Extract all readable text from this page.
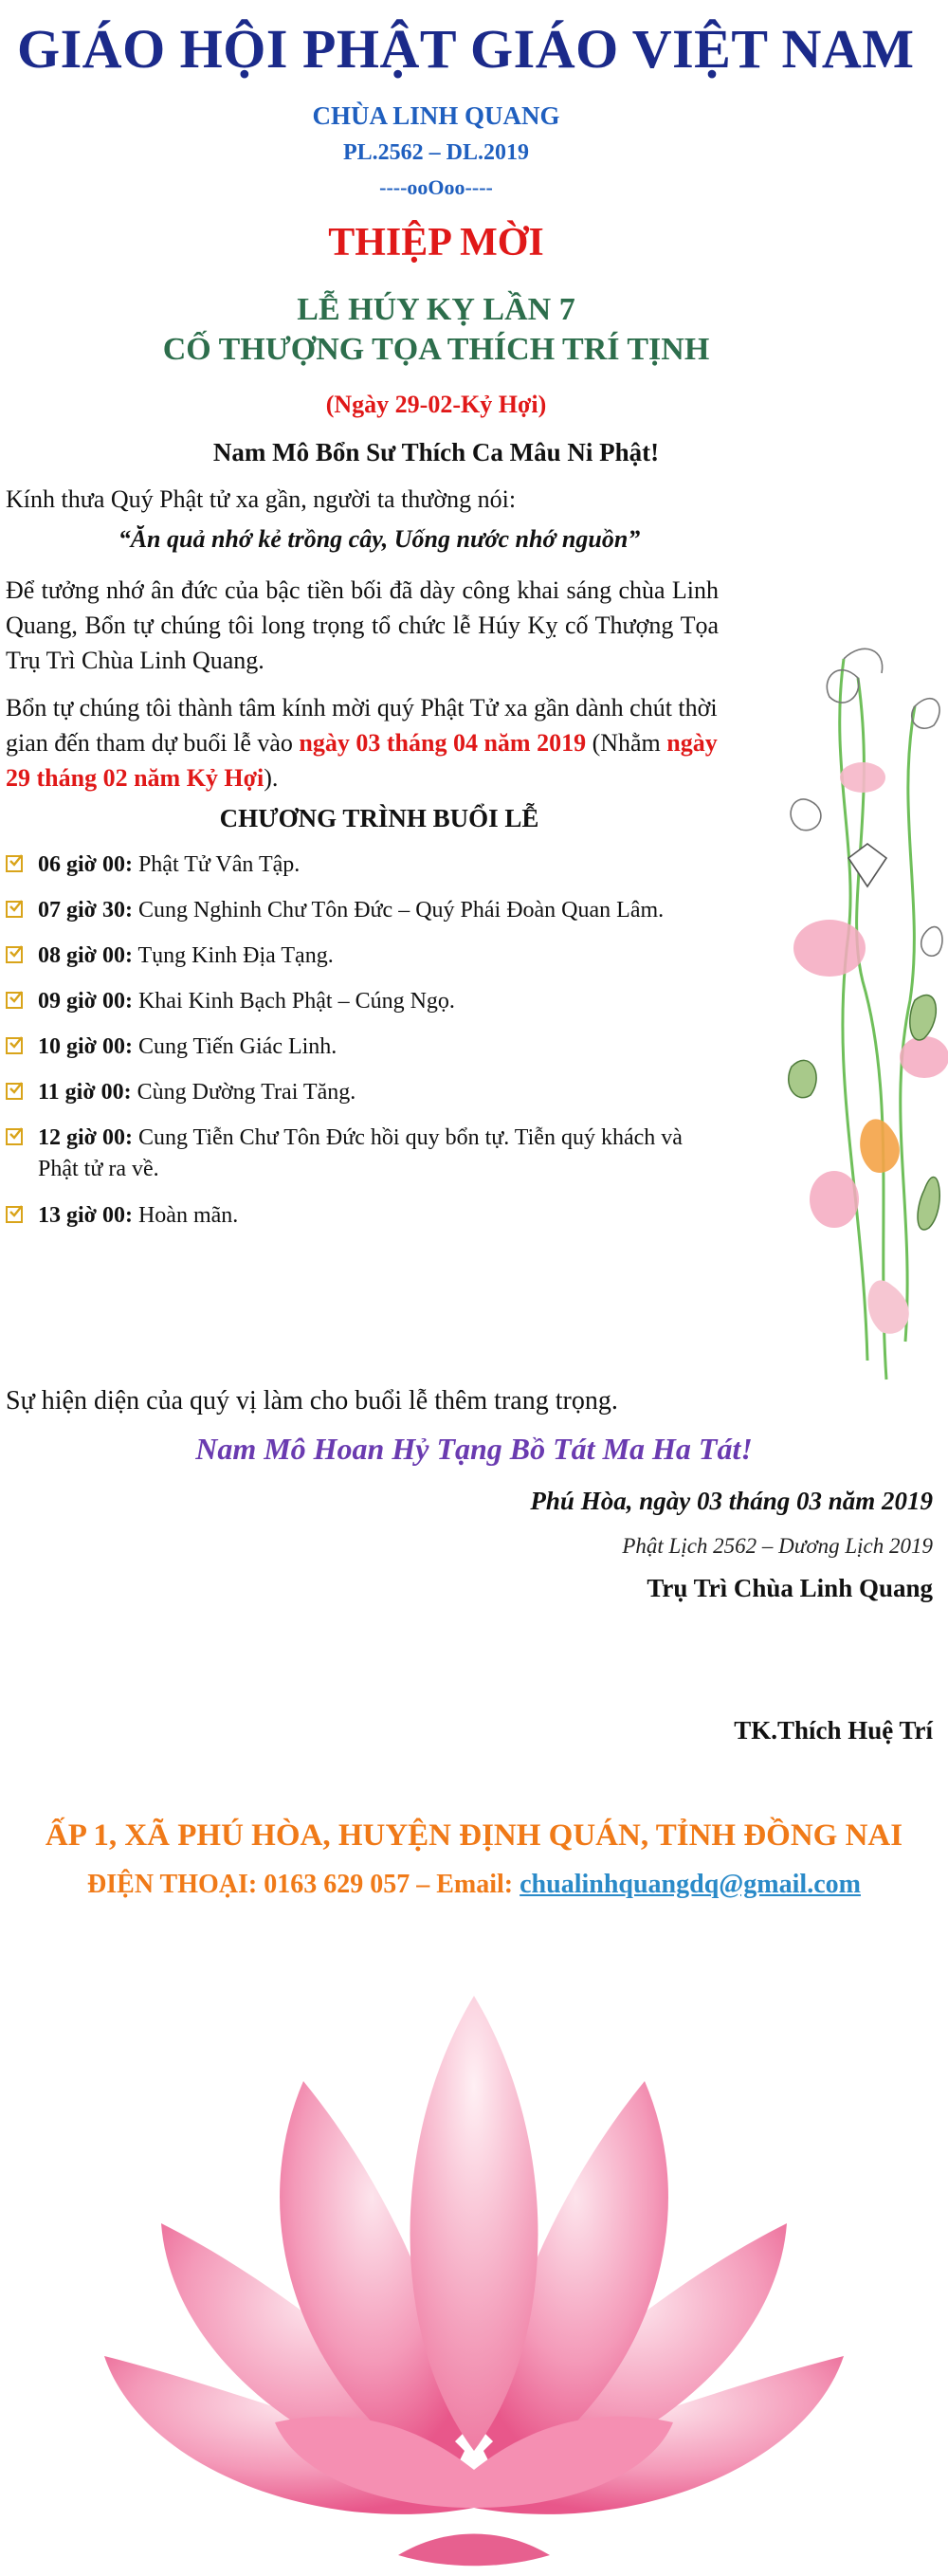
GIÁO HỘI PHẬT GIÁO VIỆT NAM
CHÙA LINH QUANG
PL.2562 – DL.2019
----ooOoo----
THIỆP MỜI
LỄ HÚY KỴ LẦN 7
CỐ THƯỢNG TỌA THÍCH TRÍ TỊNH
(Ngày 29-02-Kỷ Hợi)
Nam Mô Bổn Sư Thích Ca Mâu Ni Phật!
Kính thưa Quý Phật tử xa gần, người ta thường nói:
“Ăn quả nhớ kẻ trồng cây, Uống nước nhớ nguồn”
Để tưởng nhớ ân đức của bậc tiền bối đã dày công khai sáng chùa Linh Quang, Bổn tự chúng tôi long trọng tổ chức lễ Húy Kỵ cố Thượng Tọa Trụ Trì Chùa Linh Quang.
Bổn tự chúng tôi thành tâm kính mời quý Phật Tử xa gần dành chút thời gian đến tham dự buổi lễ vào ngày 03 tháng 04 năm 2019 (Nhằm ngày 29 tháng 02 năm Kỷ Hợi).
CHƯƠNG TRÌNH BUỔI LỄ
06 giờ 00: Phật Tử Vân Tập.
07 giờ 30: Cung Nghinh Chư Tôn Đức – Quý Phái Đoàn Quan Lâm.
08 giờ 00: Tụng Kinh Địa Tạng.
09 giờ 00: Khai Kinh Bạch Phật – Cúng Ngọ.
10 giờ 00: Cung Tiến Giác Linh.
11 giờ 00: Cùng Dường Trai Tăng.
12 giờ 00: Cung Tiễn Chư Tôn Đức hồi quy bổn tự. Tiễn quý khách và Phật tử ra về.
13 giờ 00: Hoàn mãn.
Sự hiện diện của quý vị làm cho buổi lễ thêm trang trọng.
Nam Mô Hoan Hỷ Tạng Bồ Tát Ma Ha Tát!
Phú Hòa, ngày 03 tháng 03 năm 2019
Phật Lịch 2562 – Dương Lịch 2019
Trụ Trì Chùa Linh Quang
TK.Thích Huệ Trí
ẤP 1, XÃ PHÚ HÒA, HUYỆN ĐỊNH QUÁN, TỈNH ĐỒNG NAI
ĐIỆN THOẠI: 0163 629 057 – Email: chualinhquangdq@gmail.com
